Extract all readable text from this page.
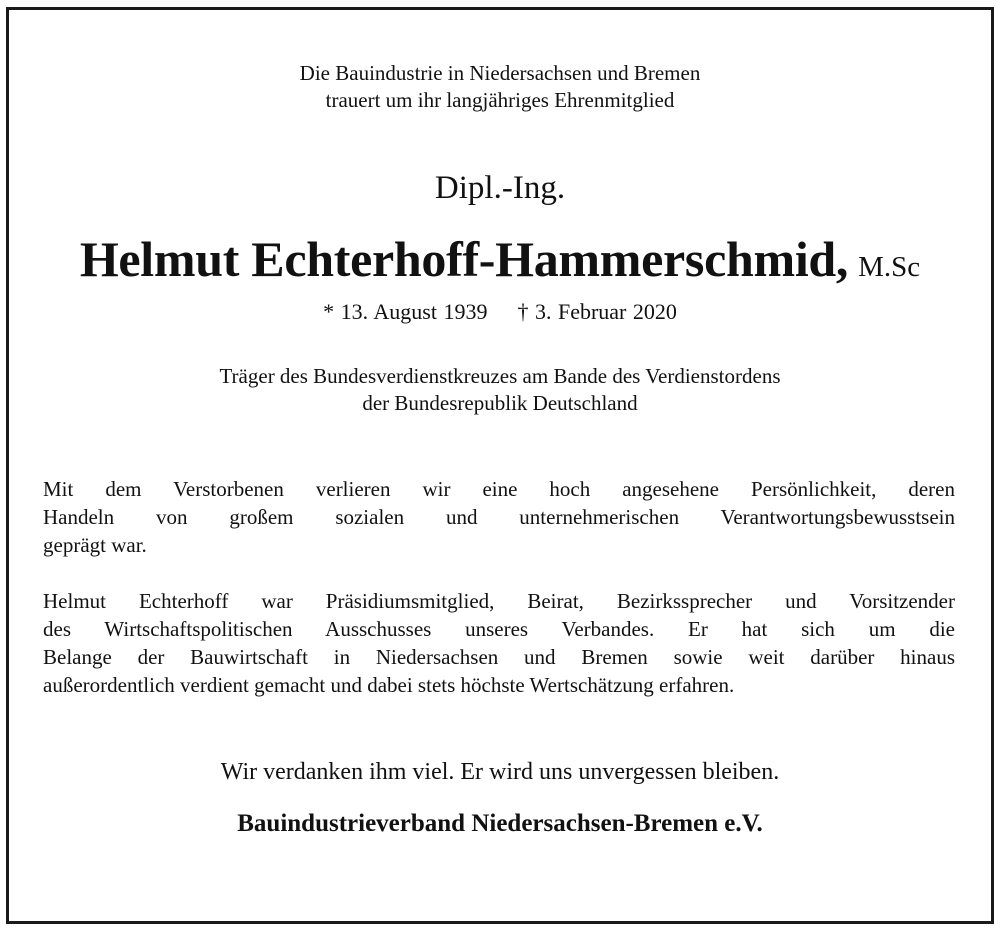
Die Bauindustrie in Niedersachsen und Bremen
trauert um ihr langjähriges Ehrenmitglied
Dipl.-Ing.
Helmut Echterhoff-Hammerschmid, M.Sc
* 13. August 1939 † 3. Februar 2020
Träger des Bundesverdienstkreuzes am Bande des Verdienstordens
der Bundesrepublik Deutschland
Mit dem Verstorbenen verlieren wir eine hoch angesehene Persönlichkeit, deren
Handeln von großem sozialen und unternehmerischen Verantwortungsbewusstsein
geprägt war.
Helmut Echterhoff war Präsidiumsmitglied, Beirat, Bezirkssprecher und Vorsitzender
des Wirtschaftspolitischen Ausschusses unseres Verbandes. Er hat sich um die
Belange der Bauwirtschaft in Niedersachsen und Bremen sowie weit darüber hinaus
außerordentlich verdient gemacht und dabei stets höchste Wertschätzung erfahren.
Wir verdanken ihm viel. Er wird uns unvergessen bleiben.
Bauindustrieverband Niedersachsen-Bremen e.V.
